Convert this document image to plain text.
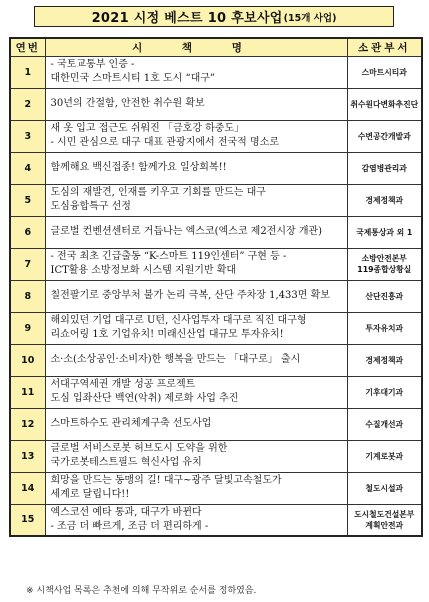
2021 시정 베스트 10 후보사업 (15개 사업)
연번	시 책 명	소관부서
1	- 국토교통부 인증 -
대한민국 스마트시티 1호 도시 “대구”	스마트시티과

2	30년의 간절함, 안전한 취수원 확보	취수원다변화추진단

3	새 옷 입고 접근도 쉬워진 「금호강 하중도」
- 시민 관심으로 대구 대표 관광지에서 전국적 명소로	수변공간개발과

4	함께해요 백신접종! 함께가요 일상회복!!	감염병관리과

5	도심의 재발견, 인재를 키우고 기회를 만드는 대구
도심융합특구 선정	경제정책과

6	글로벌 컨벤션센터로 거듭나는 엑스코(엑스코 제2전시장 개관)	국제통상과 외 1

7	- 전국 최초 긴급출동 “K-스마트 119인센터” 구현 등 -
ICT활용 소방정보화 시스템 지원기반 확대	소방안전본부
119종합상황실

8	칠전팔기로 중앙부처 불가 논리 극복, 산단 주차장 1,433면 확보	산단진흥과

9	해외있던 기업 대구로 U턴, 신사업투자 대구로 직진 대구형
리쇼어링 1호 기업유치! 미래신산업 대규모 투자유치!	투자유치과

10	소·소(소상공인·소비자)한 행복을 만드는 「대구로」 출시	경제정책과

11	서대구역세권 개발 성공 프로젝트
도심 입좌산단 백연(악취) 제로화 사업 추진	기후대기과

12	스마트하수도 관리체계구축 선도사업	수질개선과

13	글로벌 서비스로봇 허브도시 도약을 위한
국가로봇테스트필드 혁신사업 유치	기계로봇과

14	희망을 만드는 동맹의 길! 대구~광주 달빛고속철도가
세계로 달립니다!!	철도시설과

15	엑스코선 예타 통과, 대구가 바뀐다
- 조금 더 빠르게, 조금 더 편리하게 -	도시철도건설본부
계획안전과
※ 시책사업 목록은 추천에 의해 무작위로 순서를 정하였음.
